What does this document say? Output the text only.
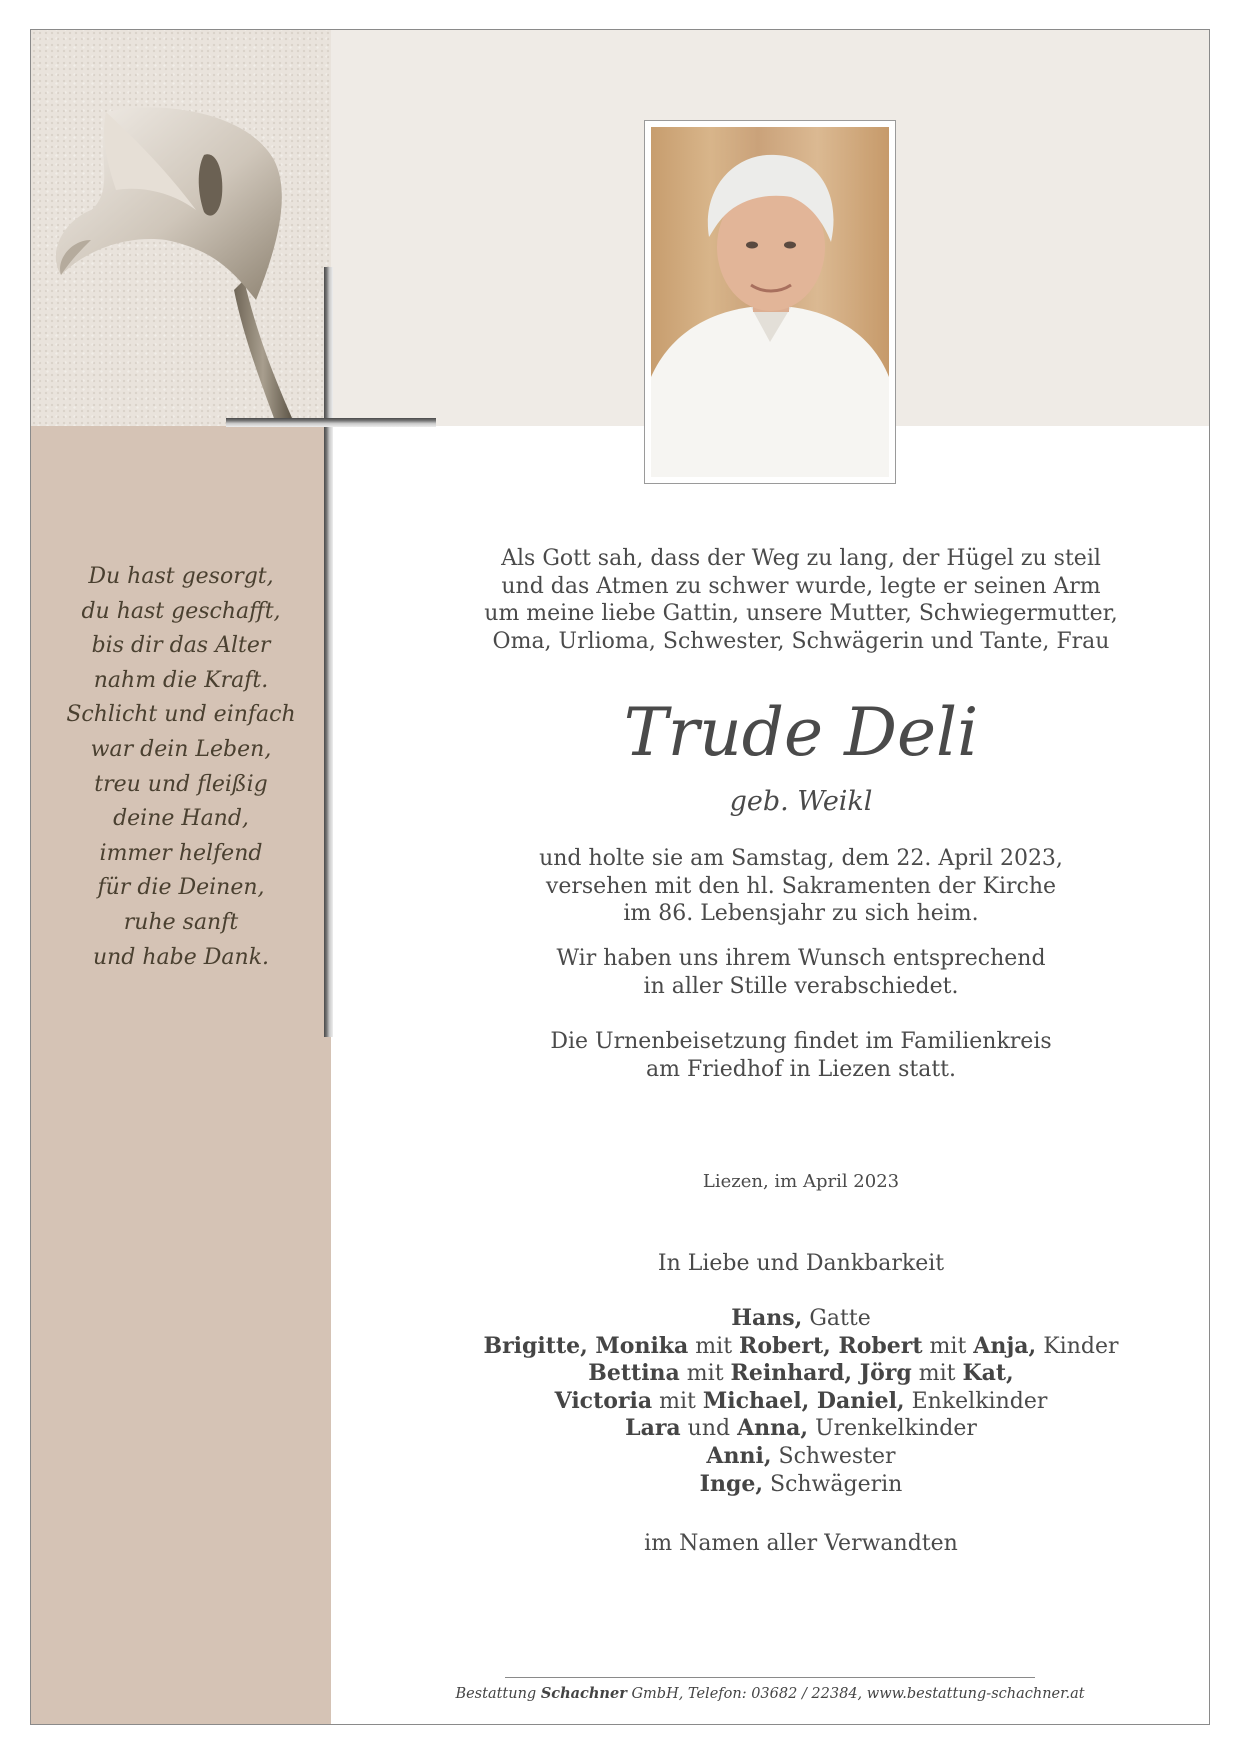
Du hast gesorgt,
du hast geschafft,
bis dir das Alter
nahm die Kraft.
Schlicht und einfach
war dein Leben,
treu und fleißig
deine Hand,
immer helfend
für die Deinen,
ruhe sanft
und habe Dank.
Als Gott sah, dass der Weg zu lang, der Hügel zu steil
und das Atmen zu schwer wurde, legte er seinen Arm
um meine liebe Gattin, unsere Mutter, Schwiegermutter,
Oma, Urlioma, Schwester, Schwägerin und Tante, Frau
Trude Deli
geb. Weikl
und holte sie am Samstag, dem 22. April 2023,
versehen mit den hl. Sakramenten der Kirche
im 86. Lebensjahr zu sich heim.
Wir haben uns ihrem Wunsch entsprechend
in aller Stille verabschiedet.
Die Urnenbeisetzung findet im Familienkreis
am Friedhof in Liezen statt.
Liezen, im April 2023
In Liebe und Dankbarkeit
Hans, Gatte
Brigitte, Monika mit Robert, Robert mit Anja, Kinder
Bettina mit Reinhard, Jörg mit Kat,
Victoria mit Michael, Daniel, Enkelkinder
Lara und Anna, Urenkelkinder
Anni, Schwester
Inge, Schwägerin
im Namen aller Verwandten
Bestattung Schachner GmbH, Telefon: 03682 / 22384, www.bestattung-schachner.at
